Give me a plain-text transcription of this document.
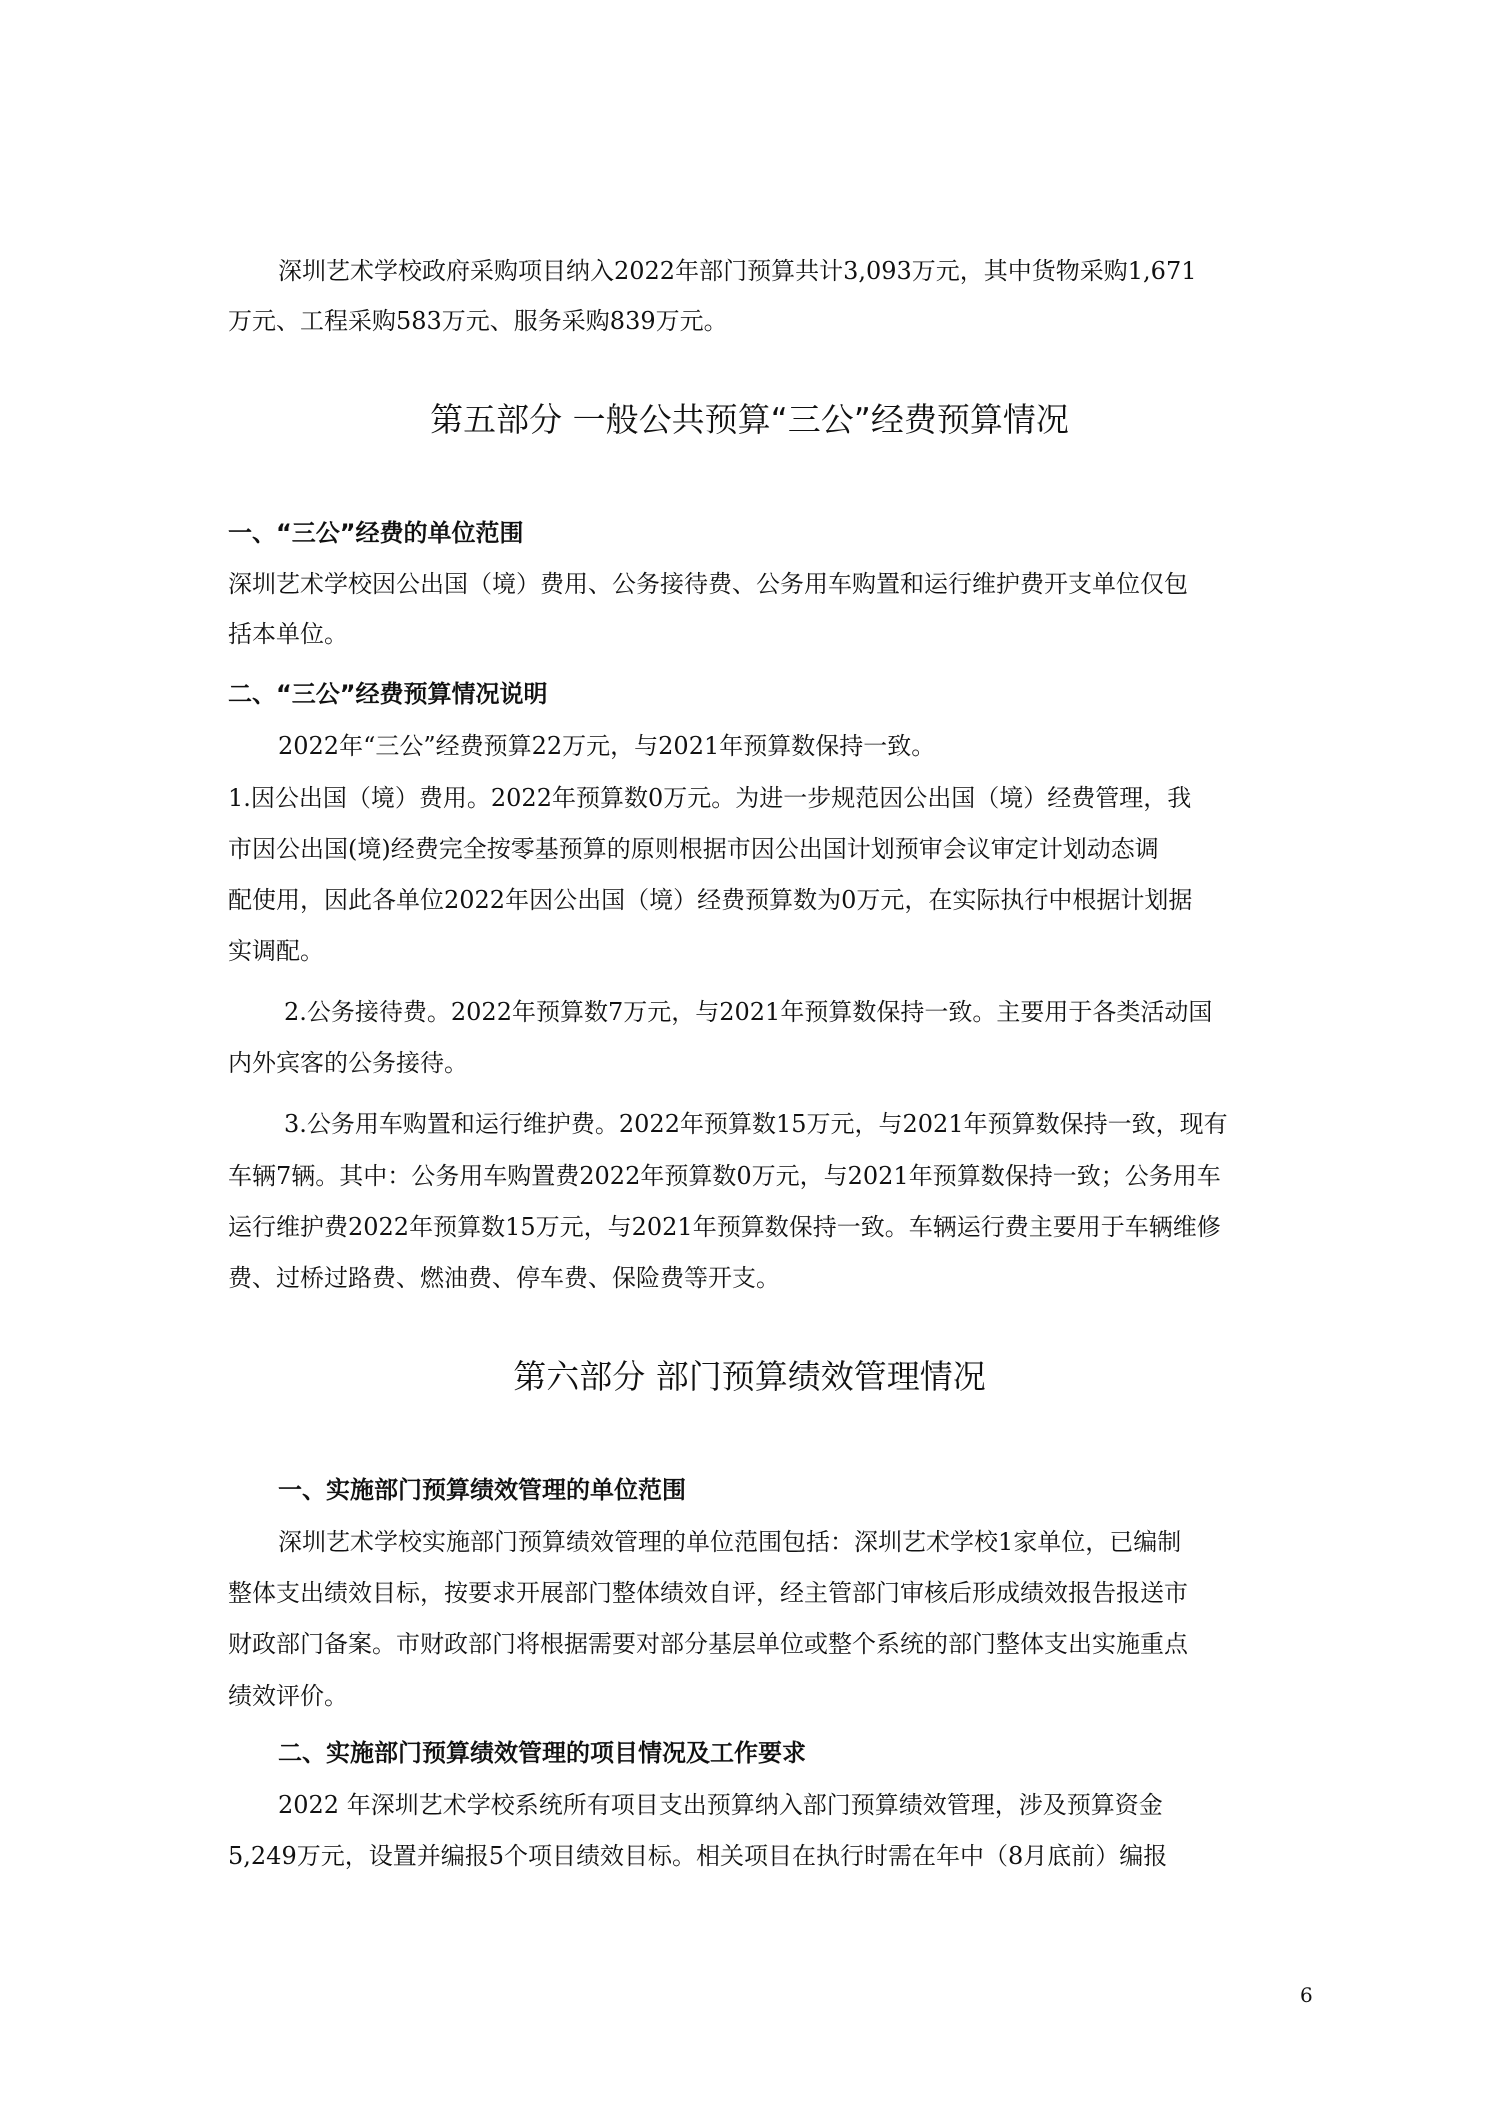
深圳艺术学校政府采购项目纳入2022年部门预算共计3,093万元，其中货物采购1,671
万元、工程采购583万元、服务采购839万元。
第五部分 一般公共预算“三公”经费预算情况
一、“三公”经费的单位范围
深圳艺术学校因公出国（境）费用、公务接待费、公务用车购置和运行维护费开支单位仅包
括本单位。
二、“三公”经费预算情况说明
2022年“三公”经费预算22万元，与2021年预算数保持一致。
1.因公出国（境）费用。2022年预算数0万元。为进一步规范因公出国（境）经费管理，我
市因公出国(境)经费完全按零基预算的原则根据市因公出国计划预审会议审定计划动态调
配使用，因此各单位2022年因公出国（境）经费预算数为0万元，在实际执行中根据计划据
实调配。
2.公务接待费。2022年预算数7万元，与2021年预算数保持一致。主要用于各类活动国
内外宾客的公务接待。
3.公务用车购置和运行维护费。2022年预算数15万元，与2021年预算数保持一致，现有
车辆7辆。其中：公务用车购置费2022年预算数0万元，与2021年预算数保持一致；公务用车
运行维护费2022年预算数15万元，与2021年预算数保持一致。车辆运行费主要用于车辆维修
费、过桥过路费、燃油费、停车费、保险费等开支。
第六部分 部门预算绩效管理情况
一、实施部门预算绩效管理的单位范围
深圳艺术学校实施部门预算绩效管理的单位范围包括：深圳艺术学校1家单位，已编制
整体支出绩效目标，按要求开展部门整体绩效自评，经主管部门审核后形成绩效报告报送市
财政部门备案。市财政部门将根据需要对部分基层单位或整个系统的部门整体支出实施重点
绩效评价。
二、实施部门预算绩效管理的项目情况及工作要求
2022 年深圳艺术学校系统所有项目支出预算纳入部门预算绩效管理，涉及预算资金
5,249万元，设置并编报5个项目绩效目标。相关项目在执行时需在年中（8月底前）编报
6
